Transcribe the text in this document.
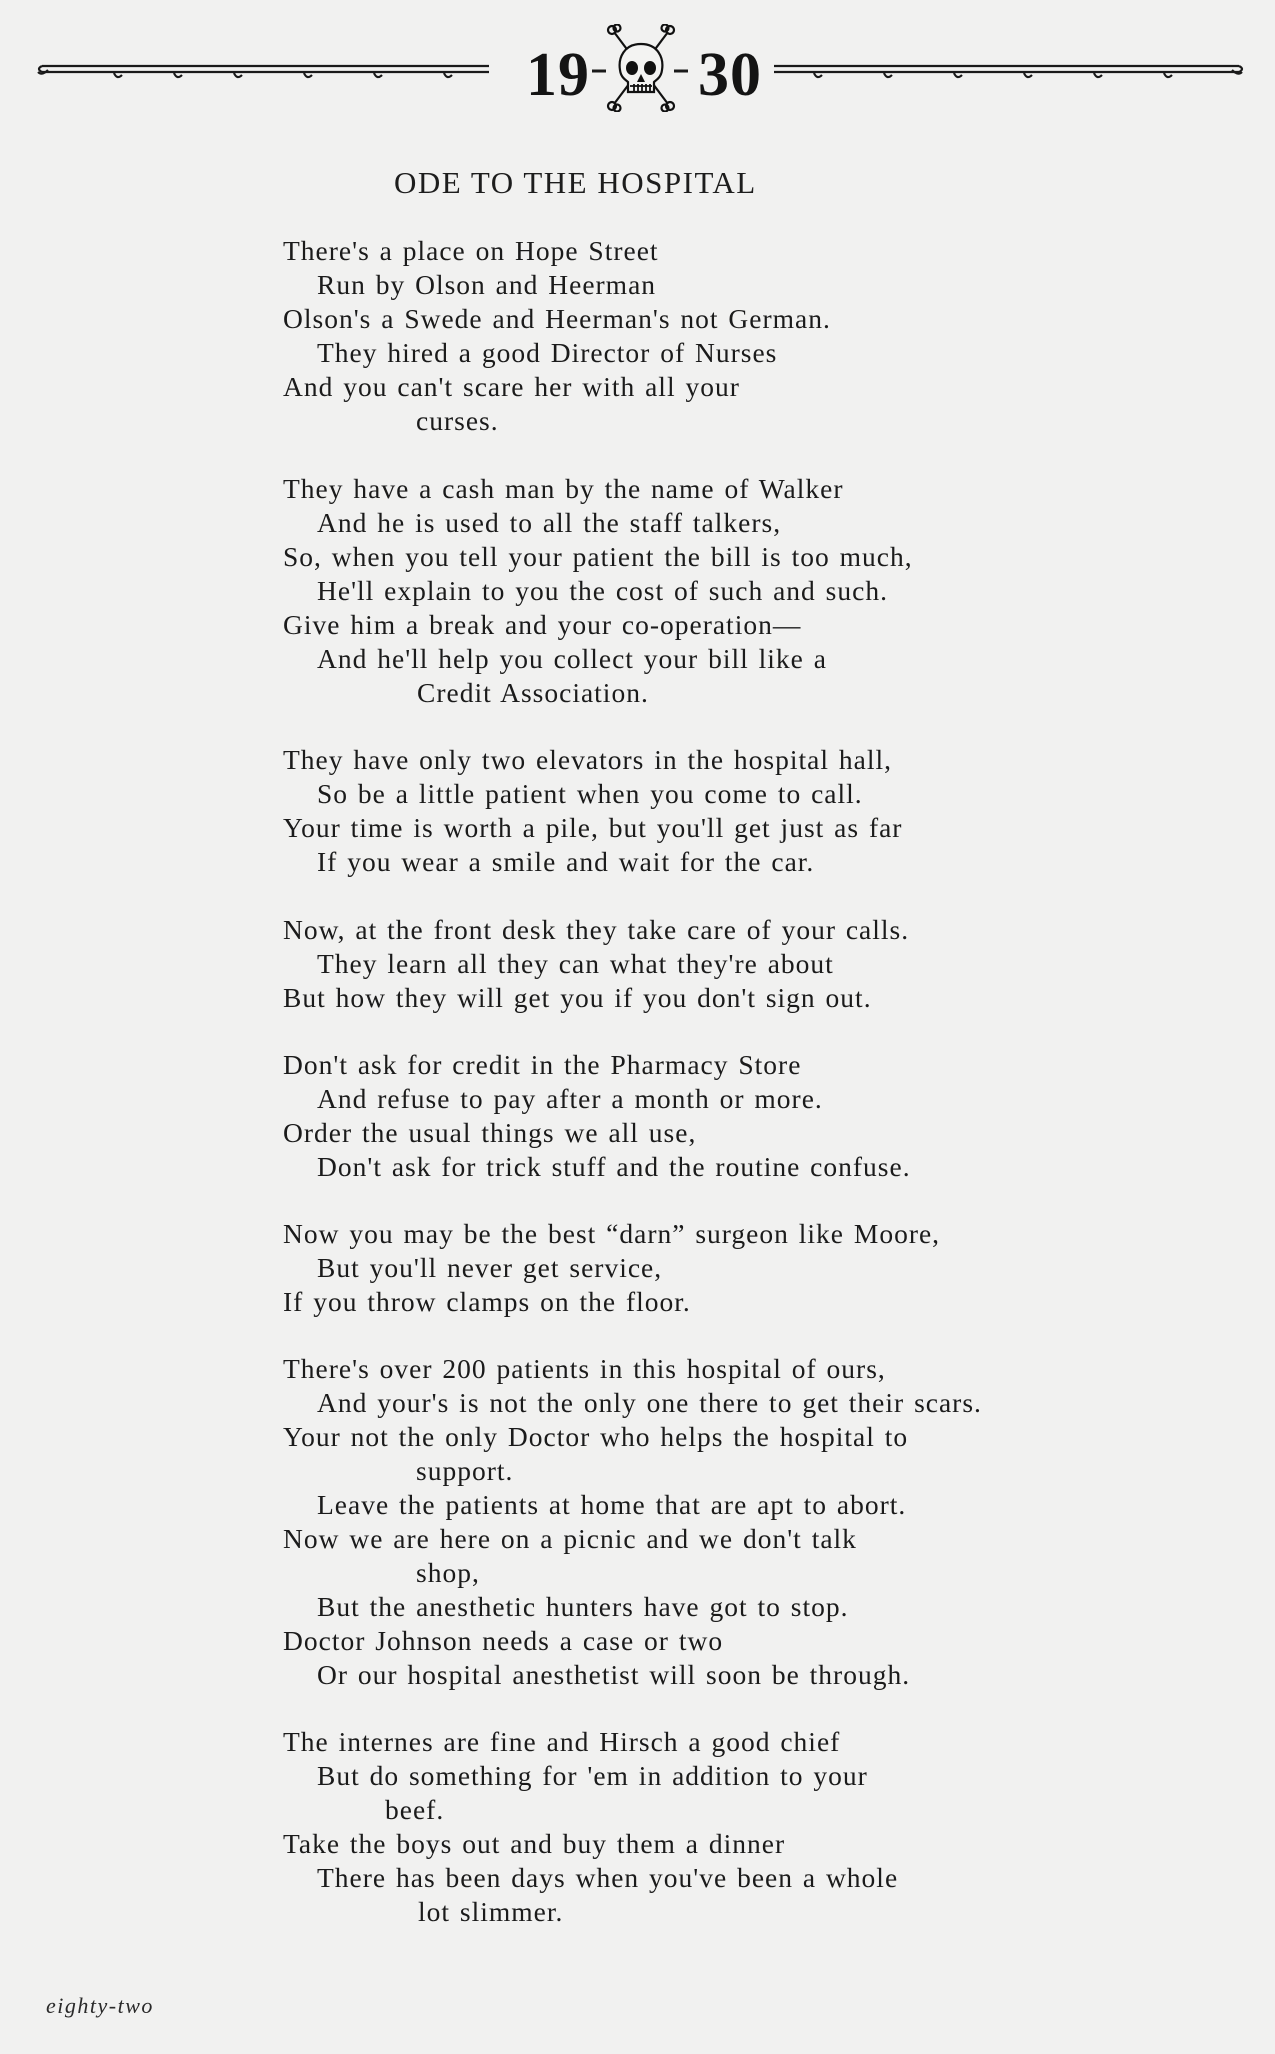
19 30
ODE TO THE HOSPITAL
There's a place on Hope Street
Run by Olson and Heerman
Olson's a Swede and Heerman's not German.
They hired a good Director of Nurses
And you can't scare her with all your
curses.
They have a cash man by the name of Walker
And he is used to all the staff talkers,
So, when you tell your patient the bill is too much,
He'll explain to you the cost of such and such.
Give him a break and your co-operation—
And he'll help you collect your bill like a
Credit Association.
They have only two elevators in the hospital hall,
So be a little patient when you come to call.
Your time is worth a pile, but you'll get just as far
If you wear a smile and wait for the car.
Now, at the front desk they take care of your calls.
They learn all they can what they're about
But how they will get you if you don't sign out.
Don't ask for credit in the Pharmacy Store
And refuse to pay after a month or more.
Order the usual things we all use,
Don't ask for trick stuff and the routine confuse.
Now you may be the best “darn” surgeon like Moore,
But you'll never get service,
If you throw clamps on the floor.
There's over 200 patients in this hospital of ours,
And your's is not the only one there to get their scars.
Your not the only Doctor who helps the hospital to
support.
Leave the patients at home that are apt to abort.
Now we are here on a picnic and we don't talk
shop,
But the anesthetic hunters have got to stop.
Doctor Johnson needs a case or two
Or our hospital anesthetist will soon be through.
The internes are fine and Hirsch a good chief
But do something for 'em in addition to your
beef.
Take the boys out and buy them a dinner
There has been days when you've been a whole
lot slimmer.
eighty-two
